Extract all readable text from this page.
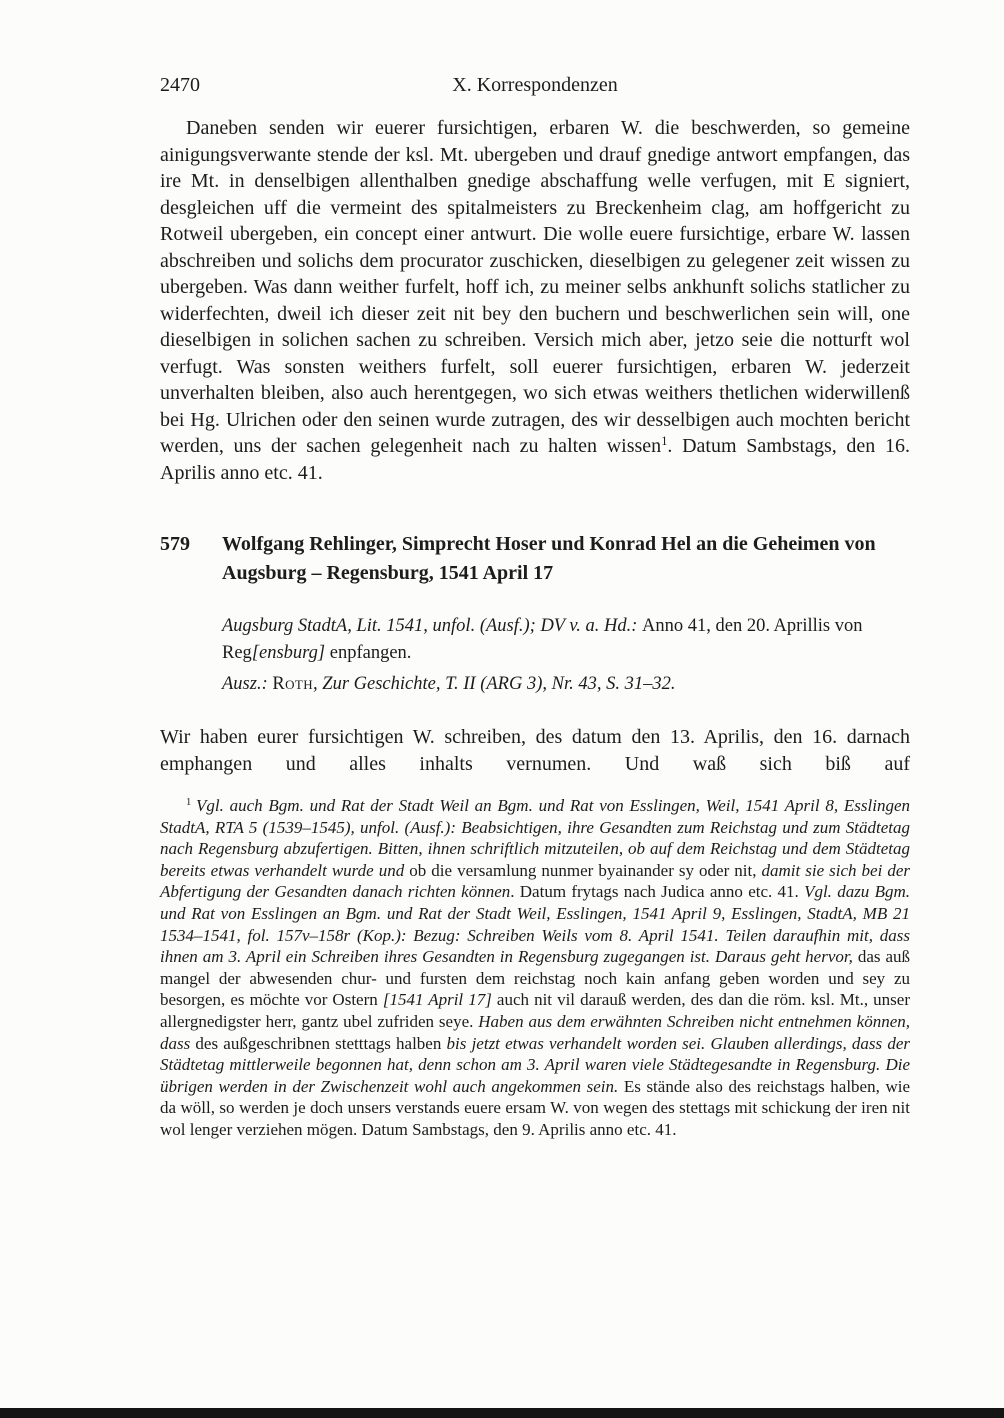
2470	X. Korrespondenzen

Daneben senden wir euerer fursichtigen, erbaren W. die beschwerden, so gemeine ainigungsverwante stende der ksl. Mt. ubergeben und drauf gnedige antwort empfangen, das ire Mt. in denselbigen allenthalben gnedige abschaffung welle verfugen, mit E signiert, desgleichen uff die vermeint des spitalmeisters zu Breckenheim clag, am hoffgericht zu Rotweil ubergeben, ein concept einer antwurt. Die wolle euere fursichtige, erbare W. lassen abschreiben und solichs dem procurator zuschicken, dieselbigen zu gelegener zeit wissen zu ubergeben. Was dann weither furfelt, hoff ich, zu meiner selbs ankhunft solichs statlicher zu widerfechten, dweil ich dieser zeit nit bey den buchern und beschwerlichen sein will, one dieselbigen in solichen sachen zu schreiben. Versich mich aber, jetzo seie die notturft wol verfugt. Was sonsten weithers furfelt, soll euerer fursichtigen, erbaren W. jederzeit unverhalten bleiben, also auch herentgegen, wo sich etwas weithers thetlichen widerwillenß bei Hg. Ulrichen oder den seinen wurde zutragen, des wir desselbigen auch mochten bericht werden, uns der sachen gelegenheit nach zu halten wissen$^1$. Datum Sambstags, den 16. Aprilis anno etc. 41.

579	Wolfgang Rehlinger, Simprecht Hoser und Konrad Hel an die Geheimen von Augsburg – Regensburg, 1541 April 17

Augsburg StadtA, Lit. 1541, unfol. (Ausf.); DV v. a. Hd.: Anno 41, den 20. Aprillis von Reg[ensburg] enpfangen.

Ausz.: Roth, Zur Geschichte, T. II (ARG 3), Nr. 43, S. 31–32.

Wir haben eurer fursichtigen W. schreiben, des datum den 13. Aprilis, den 16. darnach emphangen und alles inhalts vernumen. Und waß sich biß auf

$^1$ Vgl. auch Bgm. und Rat der Stadt Weil an Bgm. und Rat von Esslingen, Weil, 1541 April 8, Esslingen StadtA, RTA 5 (1539–1545), unfol. (Ausf.): Beabsichtigen, ihre Gesandten zum Reichstag und zum Städtetag nach Regensburg abzufertigen. Bitten, ihnen schriftlich mitzuteilen, ob auf dem Reichstag und dem Städtetag bereits etwas verhandelt wurde und ob die versamlung nunmer byainander sy oder nit, damit sie sich bei der Abfertigung der Gesandten danach richten können. Datum frytags nach Judica anno etc. 41. Vgl. dazu Bgm. und Rat von Esslingen an Bgm. und Rat der Stadt Weil, Esslingen, 1541 April 9, Esslingen, StadtA, MB 21 1534–1541, fol. 157v–158r (Kop.): Bezug: Schreiben Weils vom 8. April 1541. Teilen daraufhin mit, dass ihnen am 3. April ein Schreiben ihres Gesandten in Regensburg zugegangen ist. Daraus geht hervor, das auß mangel der abwesenden chur- und fursten dem reichstag noch kain anfang geben worden und sey zu besorgen, es möchte vor Ostern [1541 April 17] auch nit vil darauß werden, des dan die röm. ksl. Mt., unser allergnedigster herr, gantz ubel zufriden seye. Haben aus dem erwähnten Schreiben nicht entnehmen können, dass des außgeschribnen stetttags halben bis jetzt etwas verhandelt worden sei. Glauben allerdings, dass der Städtetag mittlerweile begonnen hat, denn schon am 3. April waren viele Städtegesandte in Regensburg. Die übrigen werden in der Zwischenzeit wohl auch angekommen sein. Es stände also des reichstags halben, wie da wöll, so werden je doch unsers verstands euere ersam W. von wegen des stettags mit schickung der iren nit wol lenger verziehen mögen. Datum Sambstags, den 9. Aprilis anno etc. 41.
